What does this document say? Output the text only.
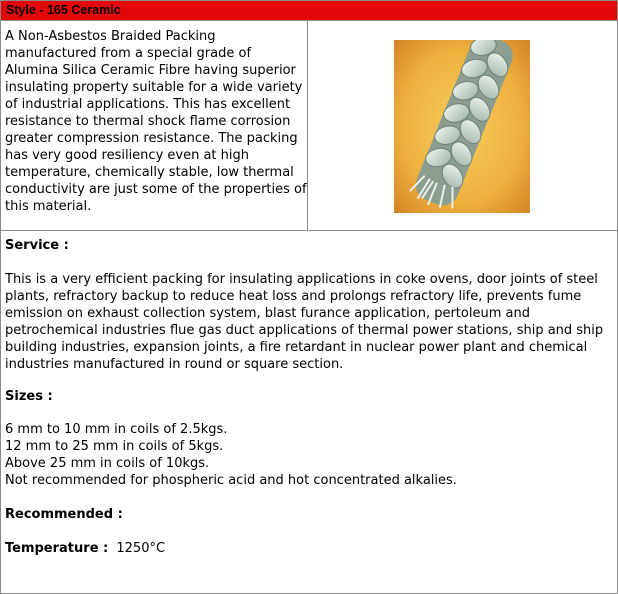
Style - 165 Ceramic

A Non-Asbestos Braided Packing manufactured from a special grade of Alumina Silica Ceramic Fibre having superior insulating property suitable for a wide variety of industrial applications. This has excellent resistance to thermal shock flame corrosion greater compression resistance. The packing has very good resiliency even at high temperature, chemically stable, low thermal conductivity are just some of the properties of this material.

Service :
This is a very efficient packing for insulating applications in coke ovens, door joints of steel plants, refractory backup to reduce heat loss and prolongs refractory life, prevents fume emission on exhaust collection system, blast furance application, pertoleum and petrochemical industries flue gas duct applications of thermal power stations, ship and ship building industries, expansion joints, a fire retardant in nuclear power plant and chemical industries manufactured in round or square section.
Sizes :
6 mm to 10 mm in coils of 2.5kgs.
12 mm to 25 mm in coils of 5kgs.
Above 25 mm in coils of 10kgs.
Not recommended for phospheric acid and hot concentrated alkalies.
Recommended :
Temperature : 1250°C
